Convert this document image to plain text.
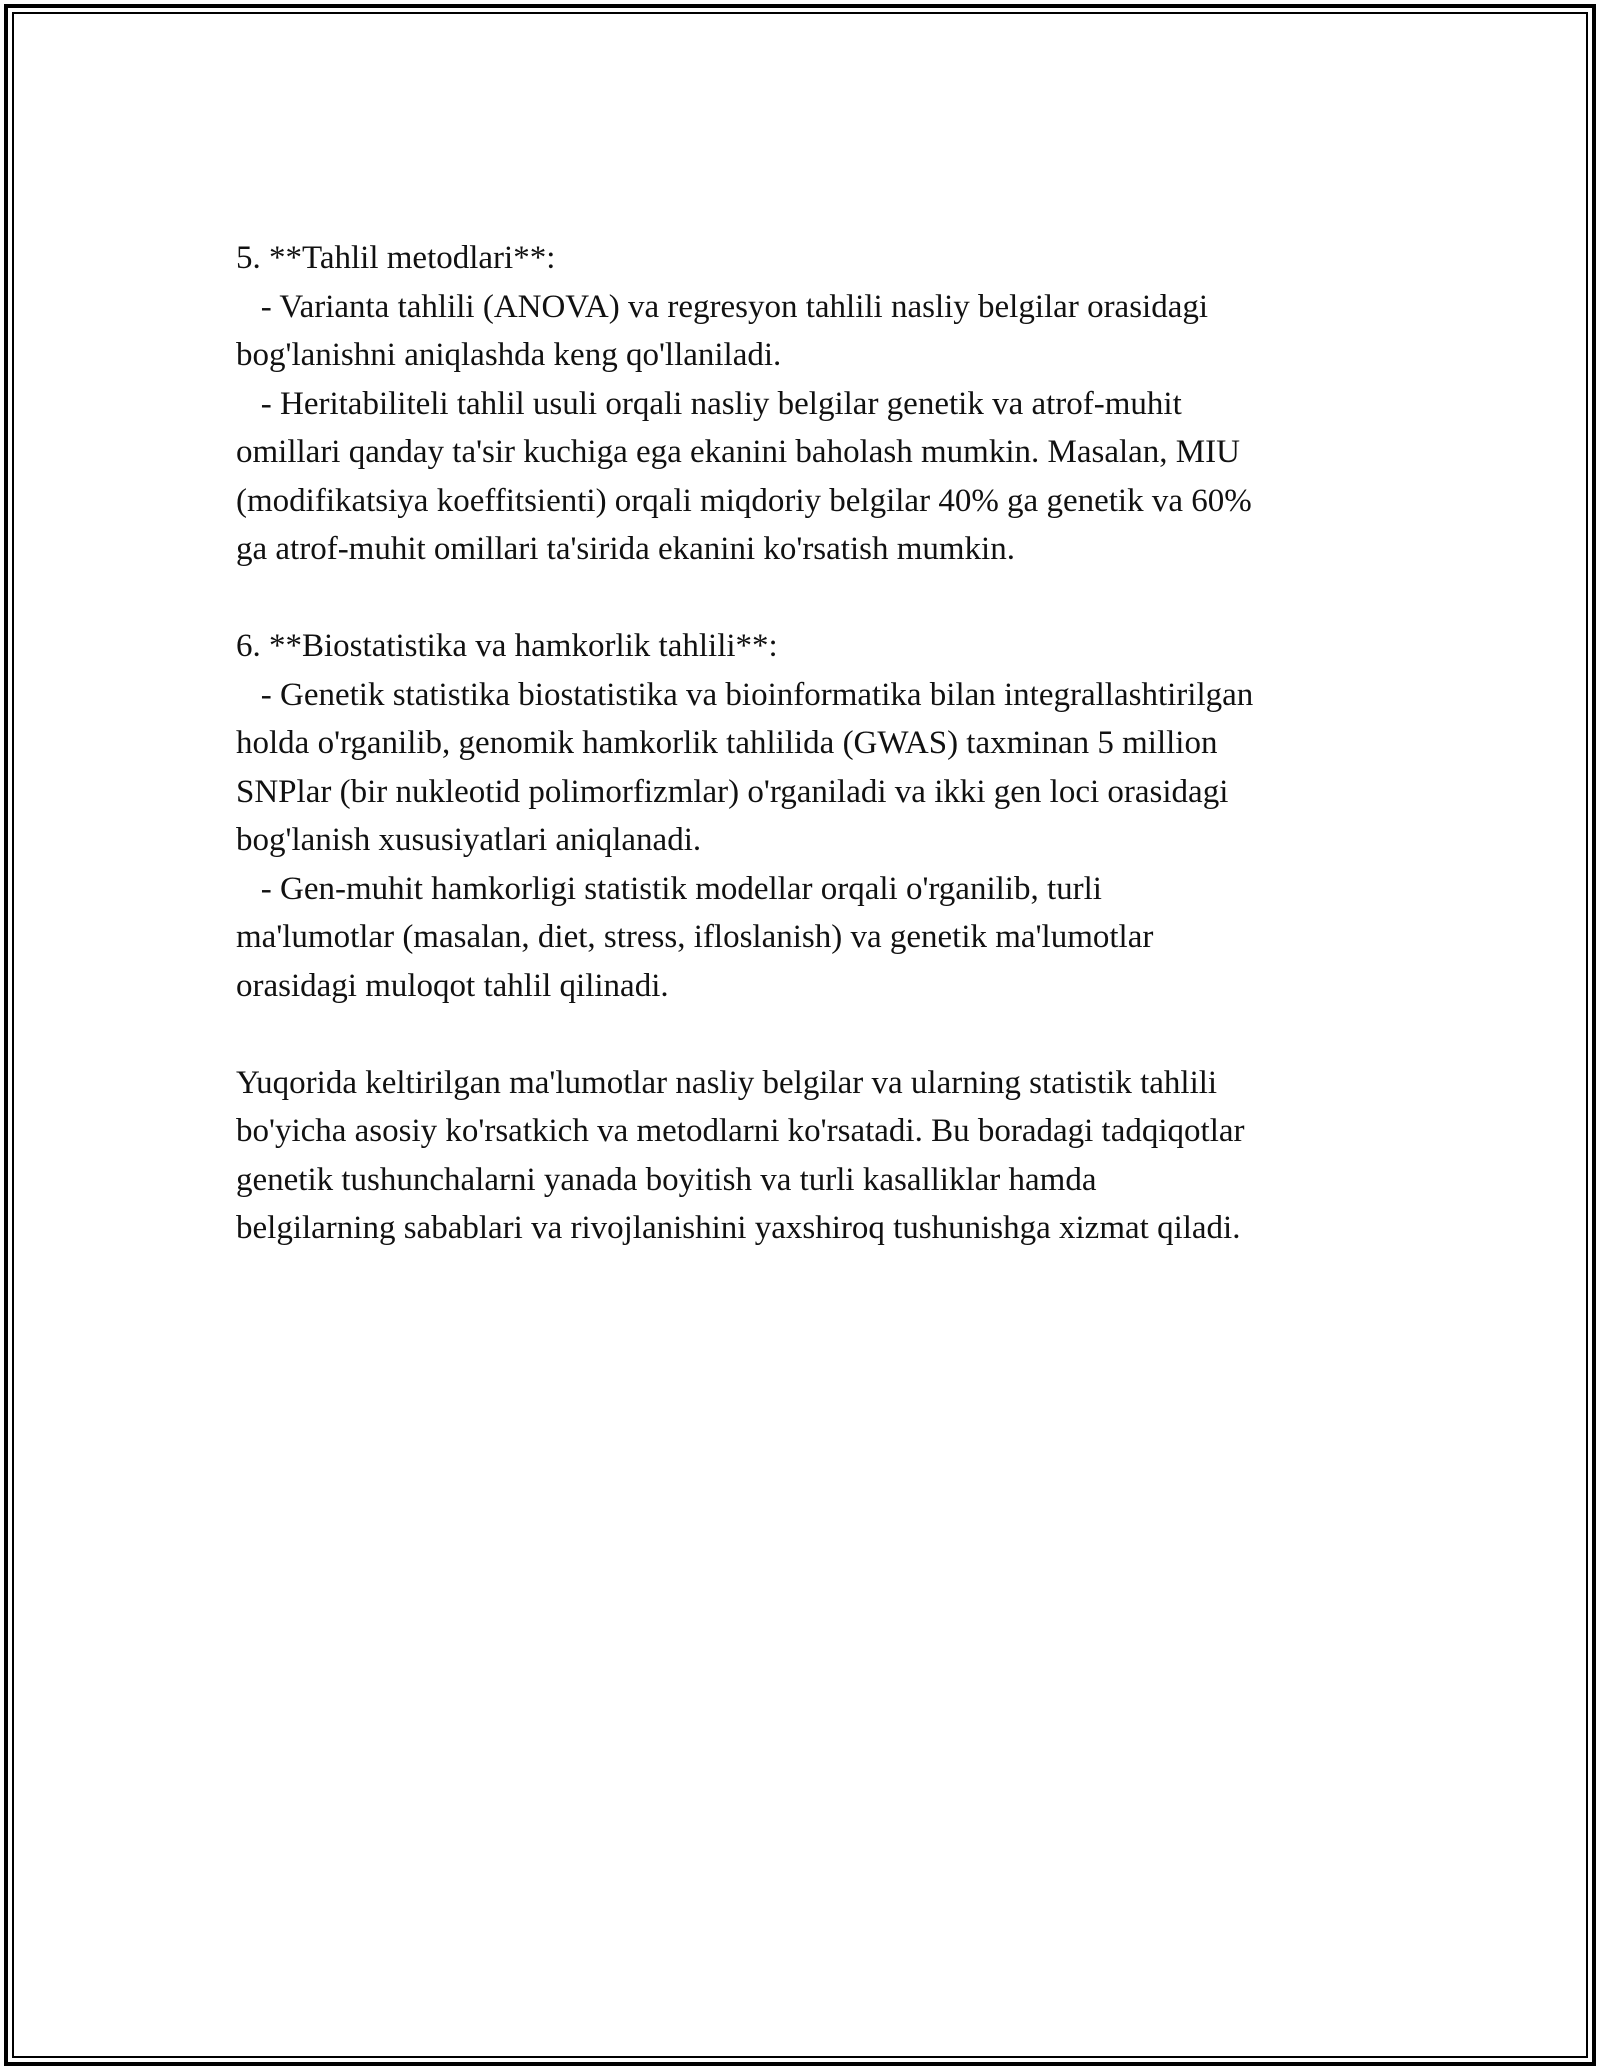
5. **Tahlil metodlari**:
- Varianta tahlili (ANOVA) va regresyon tahlili nasliy belgilar orasidagi
bog'lanishni aniqlashda keng qo'llaniladi.
- Heritabiliteli tahlil usuli orqali nasliy belgilar genetik va atrof-muhit
omillari qanday ta'sir kuchiga ega ekanini baholash mumkin. Masalan, MIU
(modifikatsiya koeffitsienti) orqali miqdoriy belgilar 40% ga genetik va 60%
ga atrof-muhit omillari ta'sirida ekanini ko'rsatish mumkin.
6. **Biostatistika va hamkorlik tahlili**:
- Genetik statistika biostatistika va bioinformatika bilan integrallashtirilgan
holda o'rganilib, genomik hamkorlik tahlilida (GWAS) taxminan 5 million
SNPlar (bir nukleotid polimorfizmlar) o'rganiladi va ikki gen loci orasidagi
bog'lanish xususiyatlari aniqlanadi.
- Gen-muhit hamkorligi statistik modellar orqali o'rganilib, turli
ma'lumotlar (masalan, diet, stress, ifloslanish) va genetik ma'lumotlar
orasidagi muloqot tahlil qilinadi.
Yuqorida keltirilgan ma'lumotlar nasliy belgilar va ularning statistik tahlili
bo'yicha asosiy ko'rsatkich va metodlarni ko'rsatadi. Bu boradagi tadqiqotlar
genetik tushunchalarni yanada boyitish va turli kasalliklar hamda
belgilarning sabablari va rivojlanishini yaxshiroq tushunishga xizmat qiladi.
